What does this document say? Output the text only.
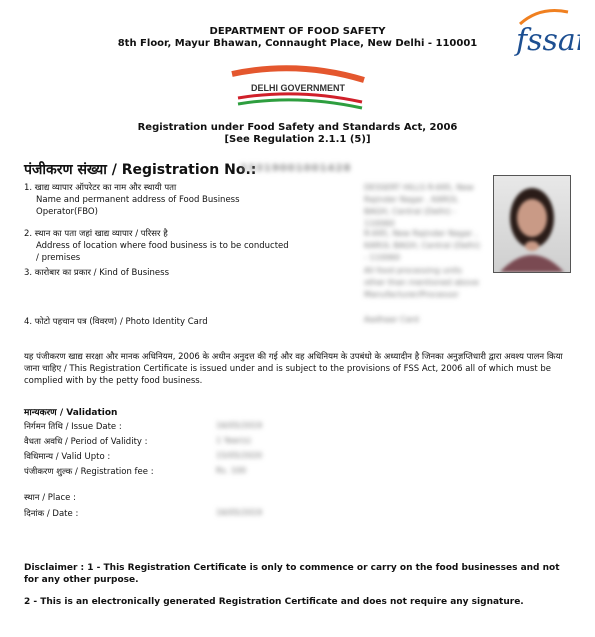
DEPARTMENT OF FOOD SAFETY
8th Floor, Mayur Bhawan, Connaught Place, New Delhi - 110001	fssai
DELHI GOVERNMENT
Registration under Food Safety and Standards Act, 2006
[See Regulation 2.1.1 (5)]
पंजीकरण संख्या / Registration No.:
23319001001428
1. खाद्य व्यापार ऑपरेटर का नाम और स्थायी पता
Name and permanent address of Food Business Operator(FBO)
DESSERT HILLS R-695, New Rajinder Nagar , KAROL BAGH, Central (Delhi) - 110060
2. स्थान का पता जहां खाद्य व्यापार / परिसर है
Address of location where food business is to be conducted / premises
R-695, New Rajinder Nagar , KAROL BAGH, Central (Delhi) - 110060
3. कारोबार का प्रकार / Kind of Business	All food processing units other than mentioned above Manufacturer/Processor
4. फोटो पहचान पत्र (विवरण) / Photo Identity Card	Aadhaar Card
यह पंजीकरण खाद्य सरक्षा और मानक अधिनियम, 2006 के अधीन अनुदत्त की गई और वह अधिनियम के उपबंधो के अध्यादीन है जिनका अनुज्ञप्तिधारी द्वारा अवश्य पालन किया जाना चाहिए / This Registration Certificate is issued under and is subject to the provisions of FSS Act, 2006 all of which must be complied with by the petty food business.
मान्यकरण / Validation
निर्गमन तिथि / Issue Date :	16/05/2019
वैधता अवधि / Period of Validity :	1 Year(s)
विधिमान्य / Valid Upto :	15/05/2020
पंजीकरण शुल्क / Registration fee :	Rs. 100
स्थान / Place :
दिनांक / Date :	16/05/2019
Disclaimer : 1 - This Registration Certificate is only to commence or carry on the food businesses and not for any other purpose.
2 - This is an electronically generated Registration Certificate and does not require any signature.
